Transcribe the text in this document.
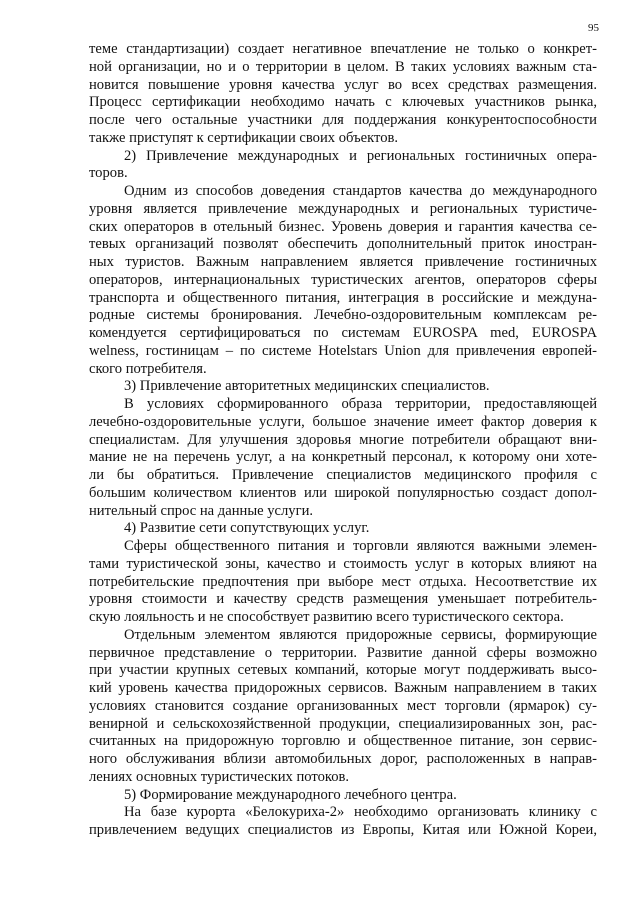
95
теме стандартизации) создает негативное впечатление не только о конкрет-
ной организации, но и о территории в целом. В таких условиях важным ста-
новится повышение уровня качества услуг во всех средствах размещения.
Процесс сертификации необходимо начать с ключевых участников рынка,
после чего остальные участники для поддержания конкурентоспособности
также приступят к сертификации своих объектов.
2) Привлечение международных и региональных гостиничных опера-
торов.
Одним из способов доведения стандартов качества до международного
уровня является привлечение международных и региональных туристиче-
ских операторов в отельный бизнес. Уровень доверия и гарантия качества се-
тевых организаций позволят обеспечить дополнительный приток иностран-
ных туристов. Важным направлением является привлечение гостиничных
операторов, интернациональных туристических агентов, операторов сферы
транспорта и общественного питания, интеграция в российские и междуна-
родные системы бронирования. Лечебно-оздоровительным комплексам ре-
комендуется сертифицироваться по системам EUROSPA med, EUROSPA
welness, гостиницам – по системе Hotelstars Union для привлечения европей-
ского потребителя.
3) Привлечение авторитетных медицинских специалистов.
В условиях сформированного образа территории, предоставляющей
лечебно-оздоровительные услуги, большое значение имеет фактор доверия к
специалистам. Для улучшения здоровья многие потребители обращают вни-
мание не на перечень услуг, а на конкретный персонал, к которому они хоте-
ли бы обратиться. Привлечение специалистов медицинского профиля с
большим количеством клиентов или широкой популярностью создаст допол-
нительный спрос на данные услуги.
4) Развитие сети сопутствующих услуг.
Сферы общественного питания и торговли являются важными элемен-
тами туристической зоны, качество и стоимость услуг в которых влияют на
потребительские предпочтения при выборе мест отдыха. Несоответствие их
уровня стоимости и качеству средств размещения уменьшает потребитель-
скую лояльность и не способствует развитию всего туристического сектора.
Отдельным элементом являются придорожные сервисы, формирующие
первичное представление о территории. Развитие данной сферы возможно
при участии крупных сетевых компаний, которые могут поддерживать высо-
кий уровень качества придорожных сервисов. Важным направлением в таких
условиях становится создание организованных мест торговли (ярмарок) су-
венирной и сельскохозяйственной продукции, специализированных зон, рас-
считанных на придорожную торговлю и общественное питание, зон сервис-
ного обслуживания вблизи автомобильных дорог, расположенных в направ-
лениях основных туристических потоков.
5) Формирование международного лечебного центра.
На базе курорта «Белокуриха-2» необходимо организовать клинику с
привлечением ведущих специалистов из Европы, Китая или Южной Кореи,
